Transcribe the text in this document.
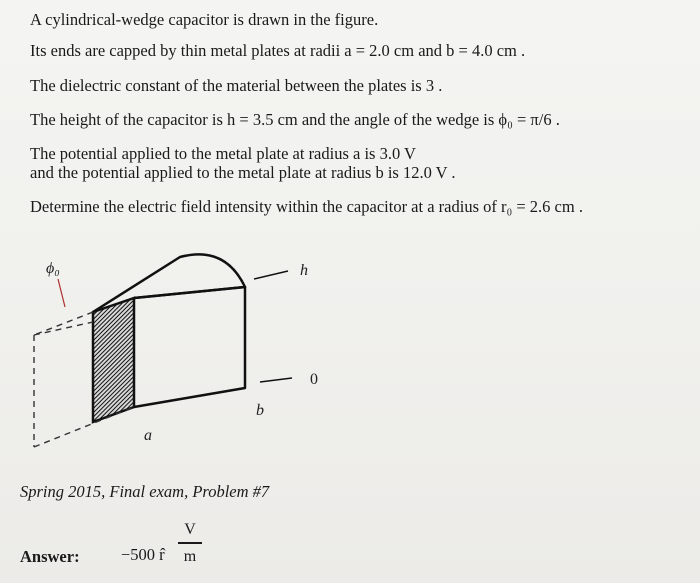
A cylindrical-wedge capacitor is drawn in the figure.
Its ends are capped by thin metal plates at radii a = 2.0 cm and b = 4.0 cm .
The dielectric constant of the material between the plates is 3 .
The height of the capacitor is h = 3.5 cm and the angle of the wedge is ϕ₀ = π/6 .
The potential applied to the metal plate at radius a is 3.0 V
and the potential applied to the metal plate at radius b is 12.0 V .
Determine the electric field intensity within the capacitor at a radius of r₀ = 2.6 cm .
ϕ₀	h
0
b
a
Spring 2015, Final exam, Problem #7
Answer:	−500 r̂
V
m
